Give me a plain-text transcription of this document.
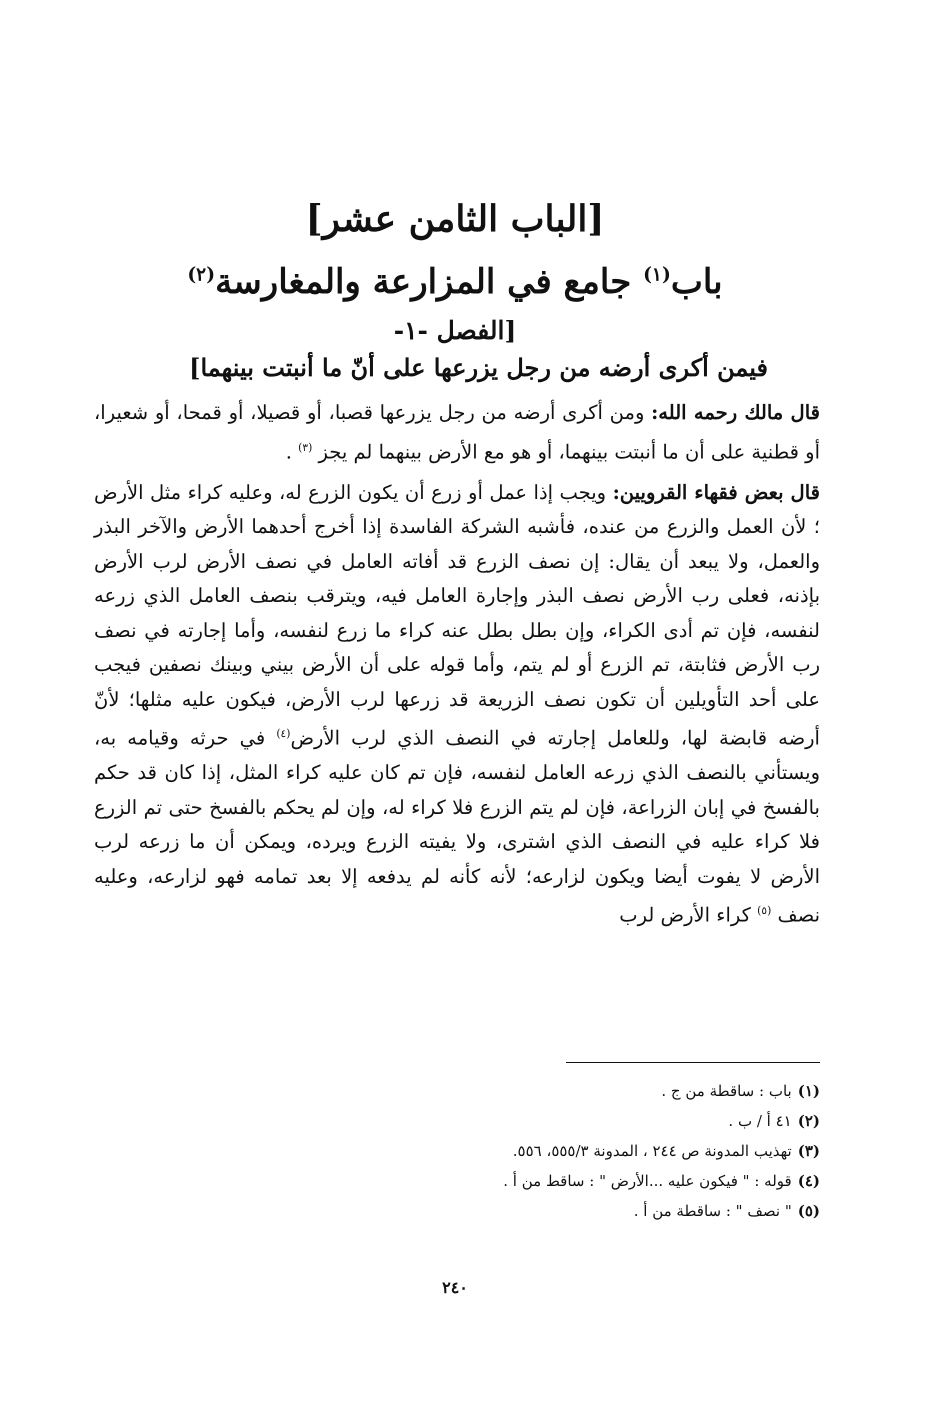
[الباب الثامن عشر]
باب$^{(١)}$ جامع في المزارعة والمغارسة$^{(٢)}$
[الفصل -١-
فيمن أكرى أرضه من رجل يزرعها على أنّ ما أنبتت بينهما]

قال مالك رحمه الله: ومن أكرى أرضه من رجل يزرعها قصبا، أو قصيلا، أو قمحا، أو شعيرا، أو قطنية على أن ما أنبتت بينهما، أو هو مع الأرض بينهما لم يجز $^{(٣)}$ .

قال بعض فقهاء القرويين: ويجب إذا عمل أو زرع أن يكون الزرع له، وعليه كراء مثل الأرض ؛ لأن العمل والزرع من عنده، فأشبه الشركة الفاسدة إذا أخرج أحدهما الأرض والآخر البذر والعمل، ولا يبعد أن يقال: إن نصف الزرع قد أفاته العامل في نصف الأرض لرب الأرض بإذنه، فعلى رب الأرض نصف البذر وإجارة العامل فيه، ويترقب بنصف العامل الذي زرعه لنفسه، فإن تم أدى الكراء، وإن بطل بطل عنه كراء ما زرع لنفسه، وأما إجارته في نصف رب الأرض فثابتة، تم الزرع أو لم يتم، وأما قوله على أن الأرض بيني وبينك نصفين فيجب على أحد التأويلين أن تكون نصف الزريعة قد زرعها لرب الأرض، فيكون عليه مثلها؛ لأنّ أرضه قابضة لها، وللعامل إجارته في النصف الذي لرب الأرض$^{(٤)}$ في حرثه وقيامه به، ويستأني بالنصف الذي زرعه العامل لنفسه، فإن تم كان عليه كراء المثل، إذا كان قد حكم بالفسخ في إبان الزراعة، فإن لم يتم الزرع فلا كراء له، وإن لم يحكم بالفسخ حتى تم الزرع فلا كراء عليه في النصف الذي اشترى، ولا يفيته الزرع ويرده، ويمكن أن ما زرعه لرب الأرض لا يفوت أيضا ويكون لزارعه؛ لأنه كأنه لم يدفعه إلا بعد تمامه فهو لزارعه، وعليه نصف $^{(٥)}$ كراء الأرض لرب

(١)باب : ساقطة من ج .
(٢)٤١ أ / ب .
(٣)تهذيب المدونة ص ٢٤٤ ، المدونة ٥٥٥/٣، ٥٥٦.
(٤)قوله : " فيكون عليه ...الأرض " : ساقط من أ .
(٥)" نصف " : ساقطة من أ .
٢٤٠
